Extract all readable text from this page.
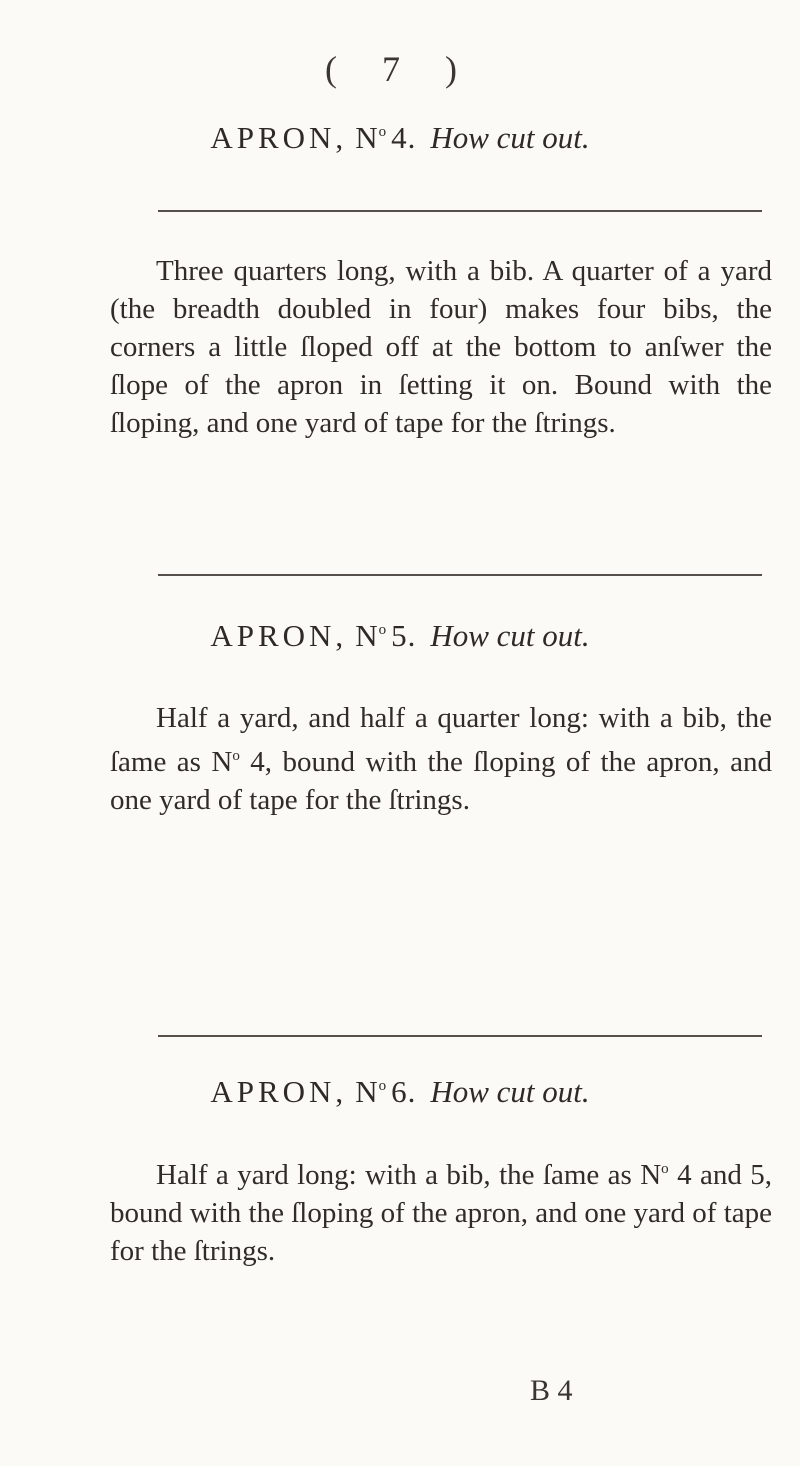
( 7 )
APRON, $N^o$ 4. How cut out.

Three quarters long, with a bib. A quarter of a yard (the breadth doubled in four) makes four bibs, the corners a little ſloped off at the bottom to anſwer the ſlope of the apron in ſetting it on. Bound with the ſloping, and one yard of tape for the ſtrings.

APRON, $N^o$ 5. How cut out.

Half a yard, and half a quarter long: with a bib, the ſame as $N^o$ 4, bound with the ſloping of the apron, and one yard of tape for the ſtrings.

APRON, $N^o$ 6. How cut out.

Half a yard long: with a bib, the ſame as $N^o$ 4 and 5, bound with the ſloping of the apron, and one yard of tape for the ſtrings.

B 4
